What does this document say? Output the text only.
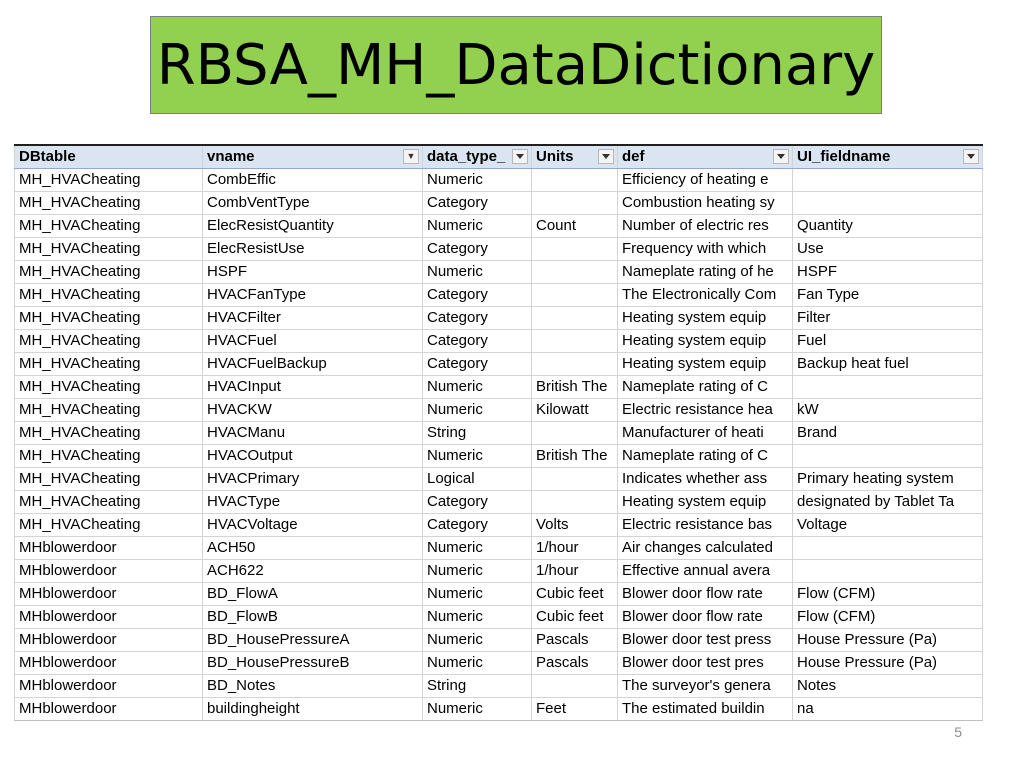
RBSA_MH_DataDictionary
DBtable	vname ▼	data_type_	Units	def	UI_fieldname

MH_HVACheating	CombEffic	Numeric		Efficiency of heating e	
MH_HVACheating	CombVentType	Category		Combustion heating sy	
MH_HVACheating	ElecResistQuantity	Numeric	Count	Number of electric res	Quantity
MH_HVACheating	ElecResistUse	Category		Frequency with which	Use
MH_HVACheating	HSPF	Numeric		Nameplate rating of he	HSPF
MH_HVACheating	HVACFanType	Category		The Electronically Com	Fan Type
MH_HVACheating	HVACFilter	Category		Heating system equip	Filter
MH_HVACheating	HVACFuel	Category		Heating system equip	Fuel
MH_HVACheating	HVACFuelBackup	Category		Heating system equip	Backup heat fuel
MH_HVACheating	HVACInput	Numeric	British The	Nameplate rating of C	
MH_HVACheating	HVACKW	Numeric	Kilowatt	Electric resistance hea	kW
MH_HVACheating	HVACManu	String		Manufacturer of heati	Brand
MH_HVACheating	HVACOutput	Numeric	British The	Nameplate rating of C	
MH_HVACheating	HVACPrimary	Logical		Indicates whether ass	Primary heating system
MH_HVACheating	HVACType	Category		Heating system equip	designated by Tablet Ta
MH_HVACheating	HVACVoltage	Category	Volts	Electric resistance bas	Voltage
MHblowerdoor	ACH50	Numeric	1/hour	Air changes calculated	
MHblowerdoor	ACH622	Numeric	1/hour	Effective annual avera	
MHblowerdoor	BD_FlowA	Numeric	Cubic feet	Blower door flow rate	Flow (CFM)
MHblowerdoor	BD_FlowB	Numeric	Cubic feet	Blower door flow rate	Flow (CFM)
MHblowerdoor	BD_HousePressureA	Numeric	Pascals	Blower door test press	House Pressure (Pa)
MHblowerdoor	BD_HousePressureB	Numeric	Pascals	Blower door test pres	House Pressure (Pa)
MHblowerdoor	BD_Notes	String		The surveyor's genera	Notes
MHblowerdoor	buildingheight	Numeric	Feet	The estimated buildin	na
5
